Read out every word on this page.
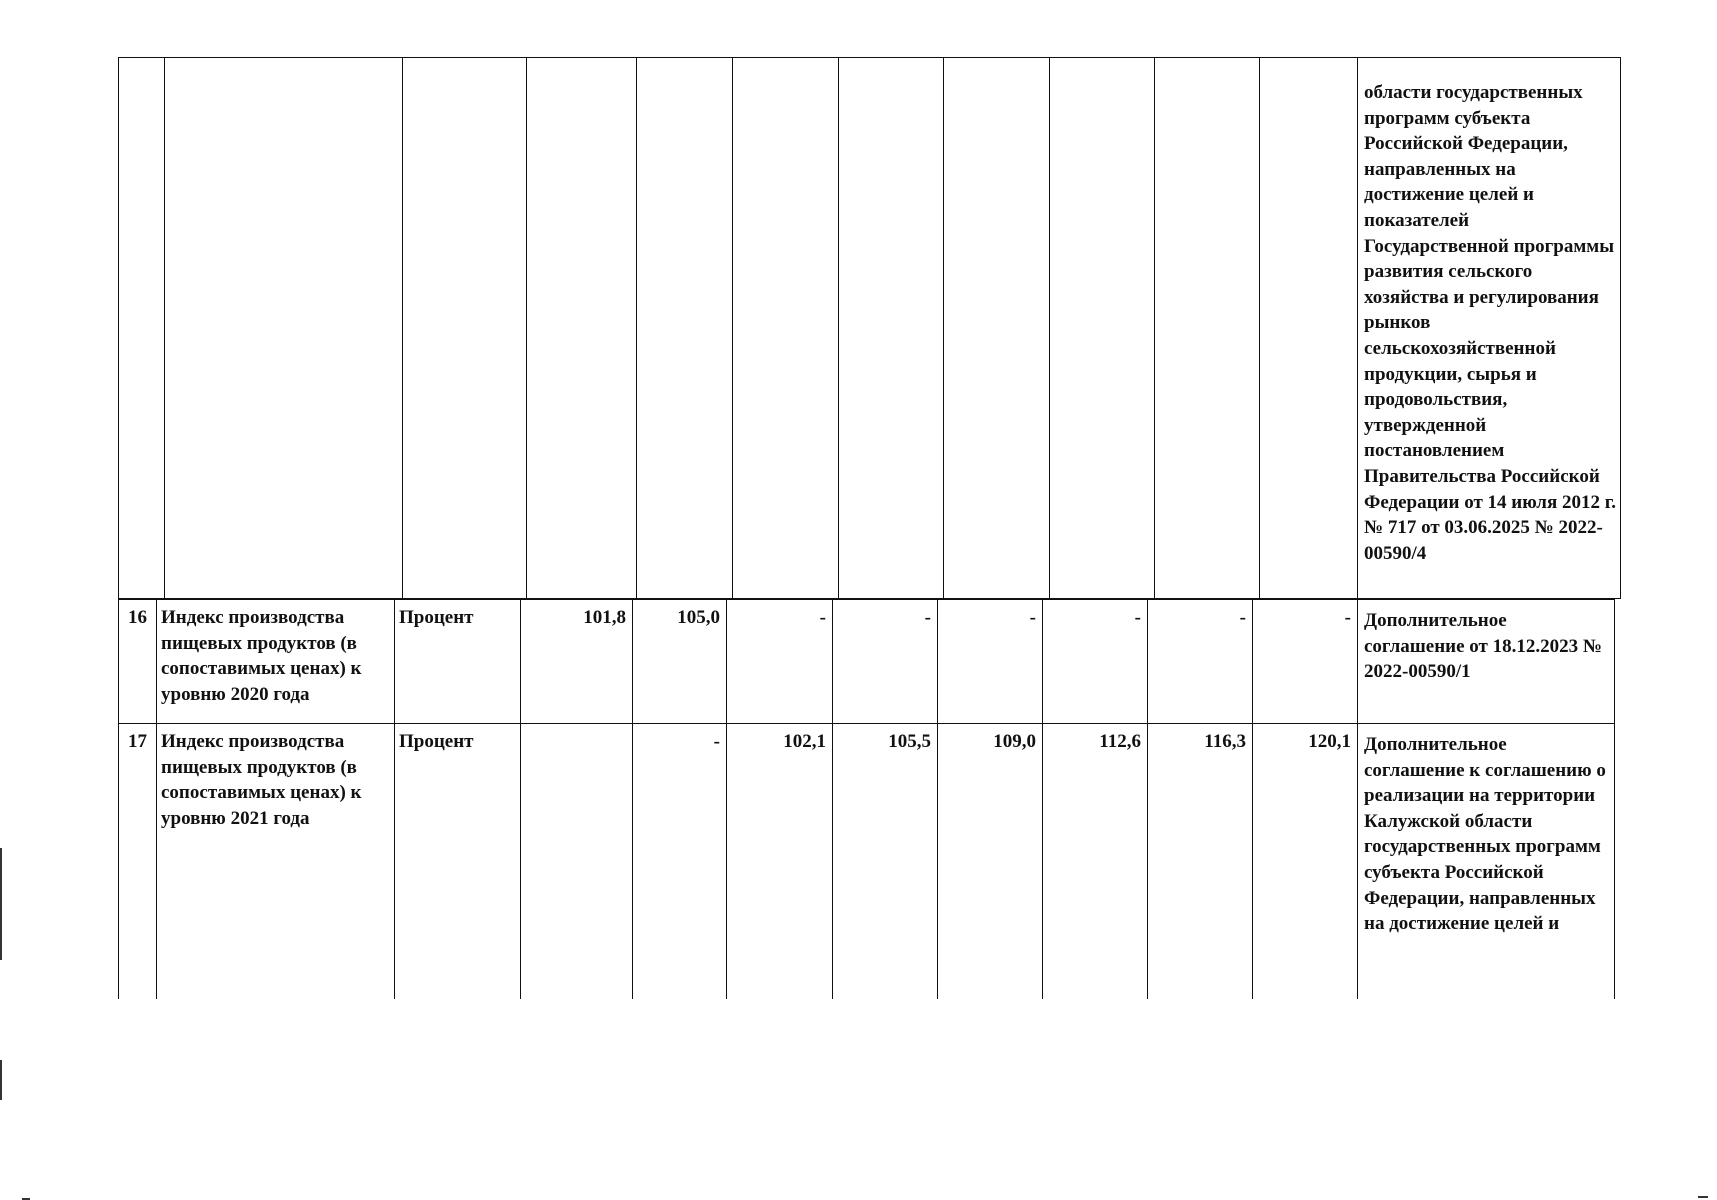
											области государственных программ субъекта Российской Федерации, направленных на достижение целей и показателей Государственной программы развития сельского хозяйства и регулирования рынков сельскохозяйственной продукции, сырья и продовольствия, утвержденной постановлением Правительства Российской Федерации от 14 июля 2012 г. № 717 от 03.06.2025 № 2022-00590/4
16	Индекс производства пищевых продуктов (в сопоставимых ценах) к уровню 2020 года	Процент	101,8	105,0	-	-	-	-	-	-	Дополнительное соглашение от 18.12.2023 № 2022-00590/1
17	Индекс производства пищевых продуктов (в сопоставимых ценах) к уровню 2021 года	Процент		-	102,1	105,5	109,0	112,6	116,3	120,1	Дополнительное соглашение к соглашению о реализации на территории Калужской области государственных программ субъекта Российской Федерации, направленных на достижение целей и
